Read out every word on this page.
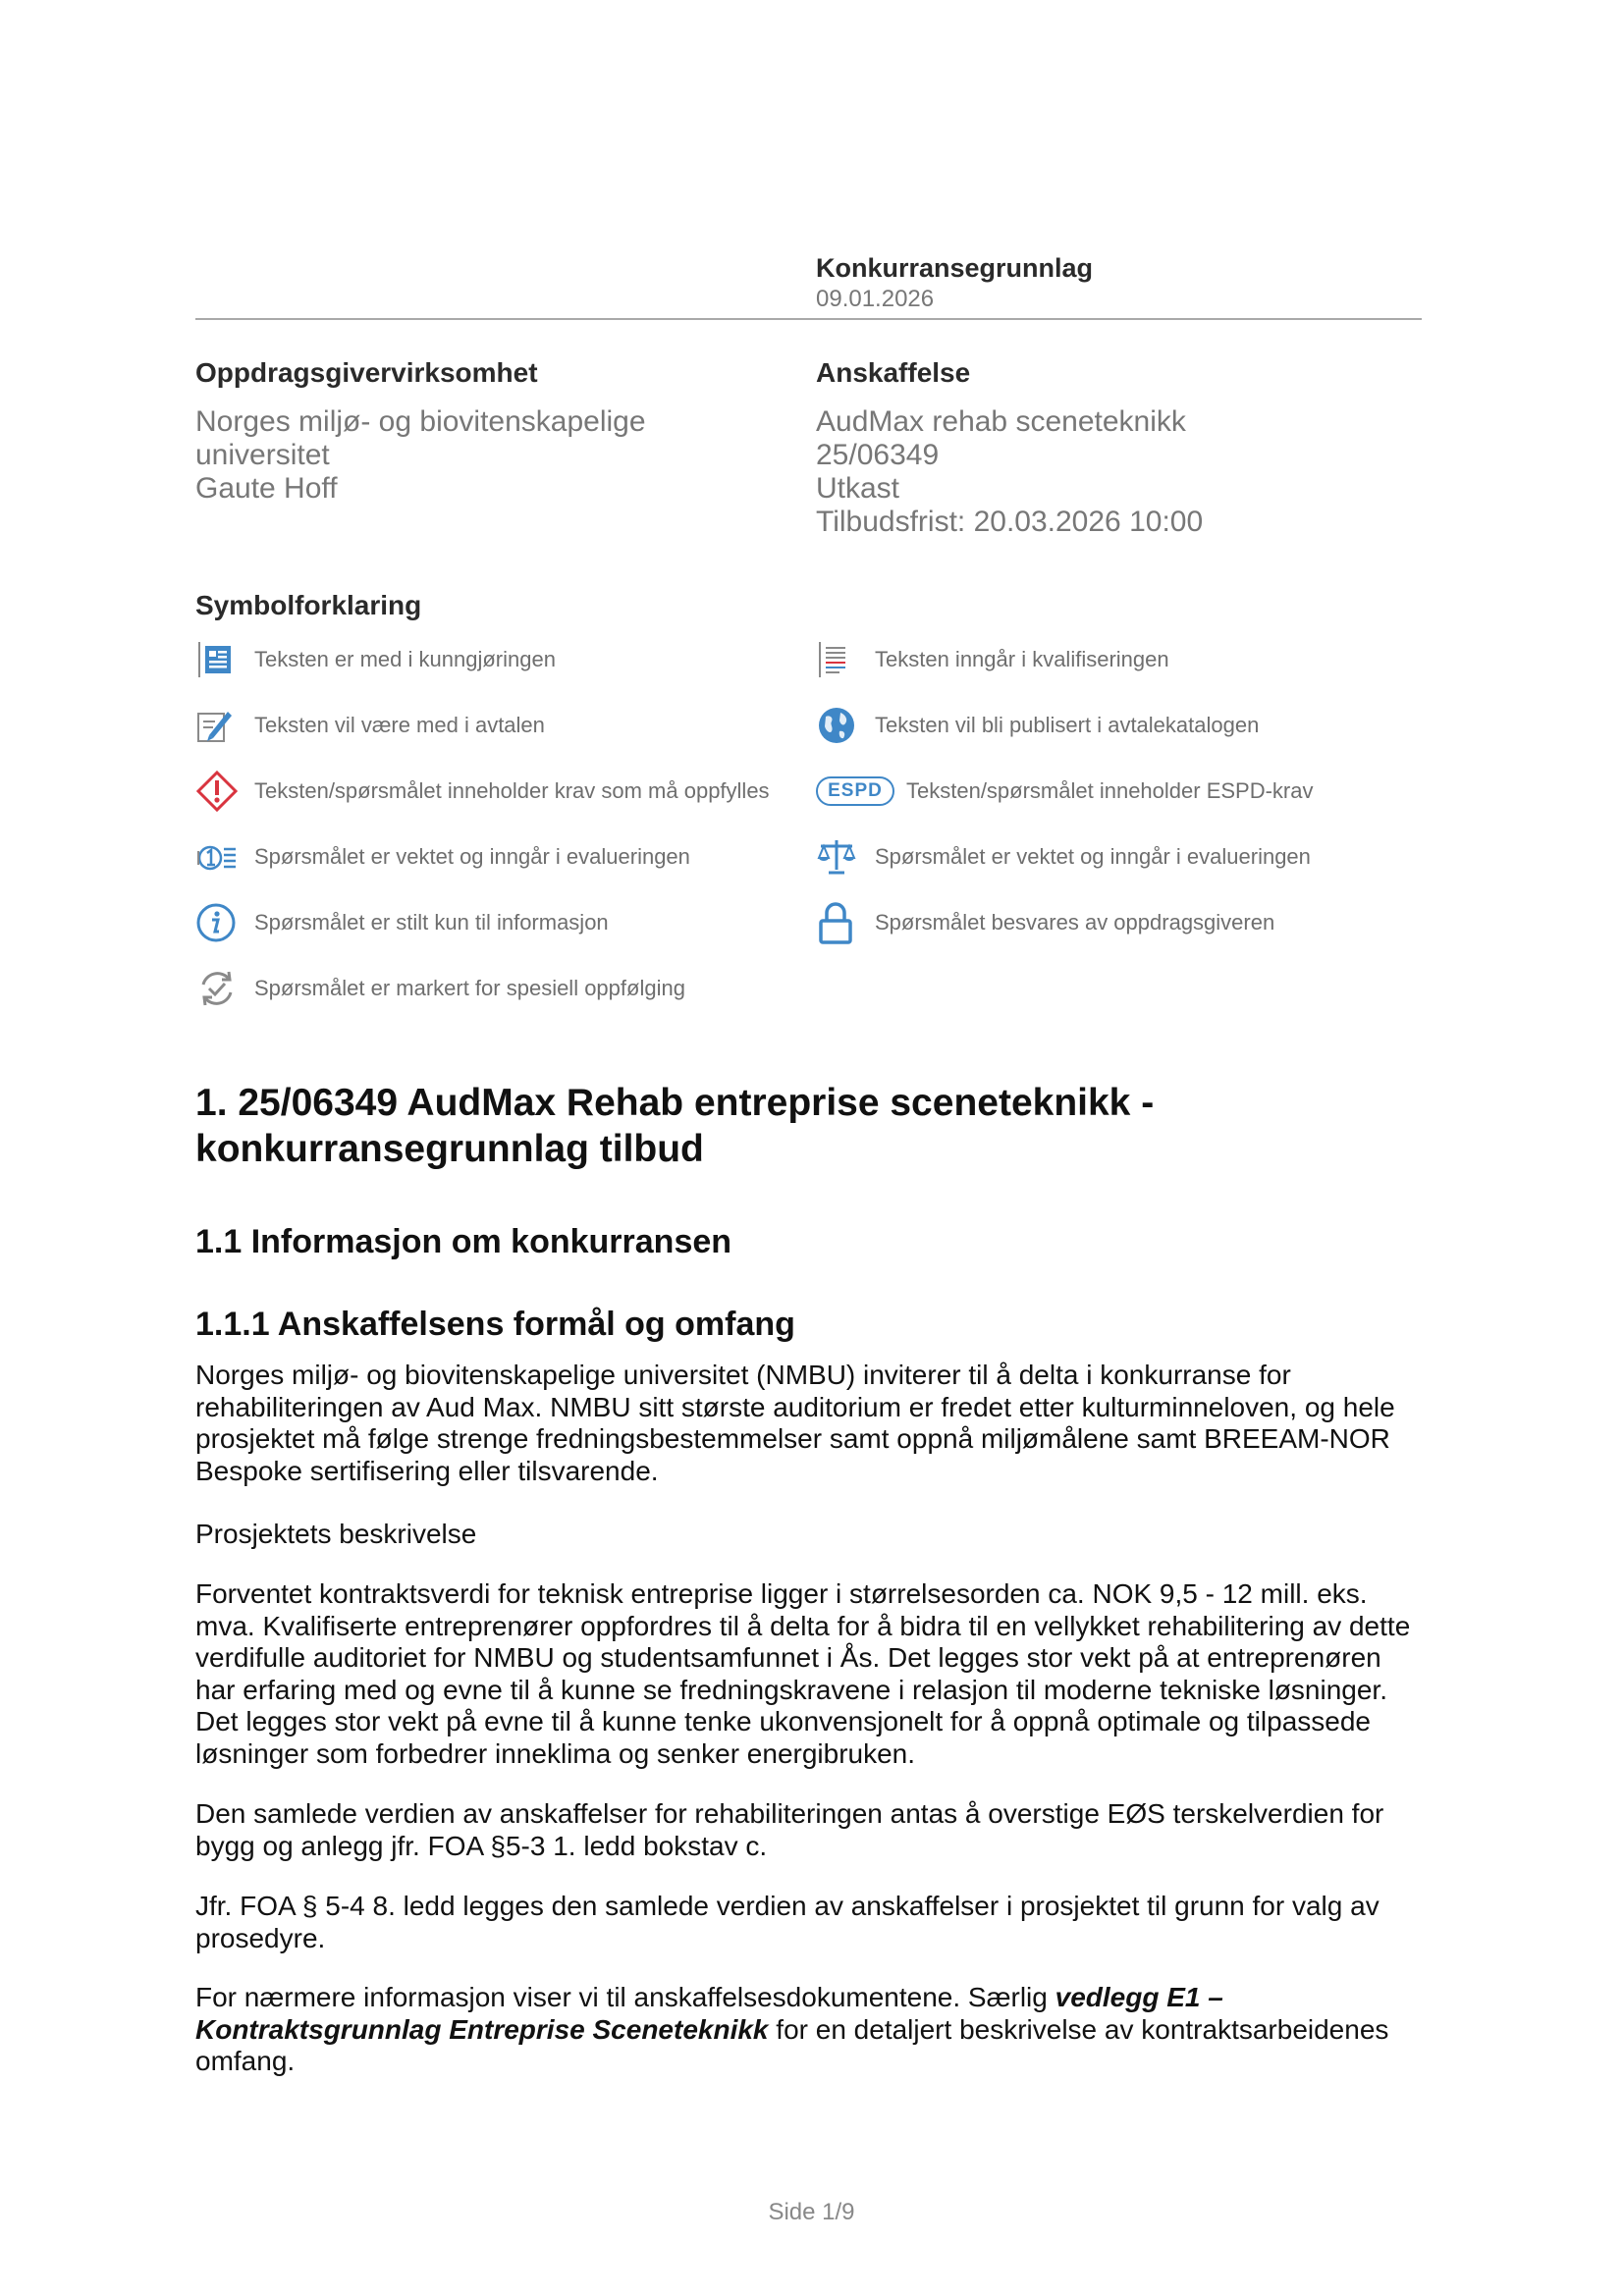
Konkurransegrunnlag
09.01.2026
Oppdragsgivervirksomhet
Norges miljø- og biovitenskapelige
universitet
Gaute Hoff
Anskaffelse
AudMax rehab sceneteknikk
25/06349
Utkast
Tilbudsfrist: 20.03.2026 10:00
Symbolforklaring
Teksten er med i kunngjøringen
Teksten vil være med i avtalen
Teksten/spørsmålet inneholder krav som må oppfylles
Spørsmålet er vektet og inngår i evalueringen
Spørsmålet er stilt kun til informasjon
Spørsmålet er markert for spesiell oppfølging
Teksten inngår i kvalifiseringen
Teksten vil bli publisert i avtalekatalogen
ESPD	Teksten/spørsmålet inneholder ESPD-krav
Spørsmålet er vektet og inngår i evalueringen
Spørsmålet besvares av oppdragsgiveren
1. 25/06349 AudMax Rehab entreprise sceneteknikk - konkurransegrunnlag tilbud
1.1 Informasjon om konkurransen
1.1.1 Anskaffelsens formål og omfang
Norges miljø- og biovitenskapelige universitet (NMBU) inviterer til å delta i konkurranse for rehabiliteringen av Aud Max. NMBU sitt største auditorium er fredet etter kulturminneloven, og hele prosjektet må følge strenge fredningsbestemmelser samt oppnå miljømålene samt BREEAM-NOR Bespoke sertifisering eller tilsvarende.
Prosjektets beskrivelse
Forventet kontraktsverdi for teknisk entreprise ligger i størrelsesorden ca. NOK 9,5 - 12 mill. eks. mva. Kvalifiserte entreprenører oppfordres til å delta for å bidra til en vellykket rehabilitering av dette verdifulle auditoriet for NMBU og studentsamfunnet i Ås. Det legges stor vekt på at entreprenøren har erfaring med og evne til å kunne se fredningskravene i relasjon til moderne tekniske løsninger. Det legges stor vekt på evne til å kunne tenke ukonvensjonelt for å oppnå optimale og tilpassede løsninger som forbedrer inneklima og senker energibruken.
Den samlede verdien av anskaffelser for rehabiliteringen antas å overstige EØS terskelverdien for bygg og anlegg jfr. FOA §5-3 1. ledd bokstav c.
Jfr. FOA § 5-4 8. ledd legges den samlede verdien av anskaffelser i prosjektet til grunn for valg av prosedyre.
For nærmere informasjon viser vi til anskaffelsesdokumentene. Særlig vedlegg E1 – Kontraktsgrunnlag Entreprise Sceneteknikk for en detaljert beskrivelse av kontraktsarbeidenes omfang.
Side 1/9
